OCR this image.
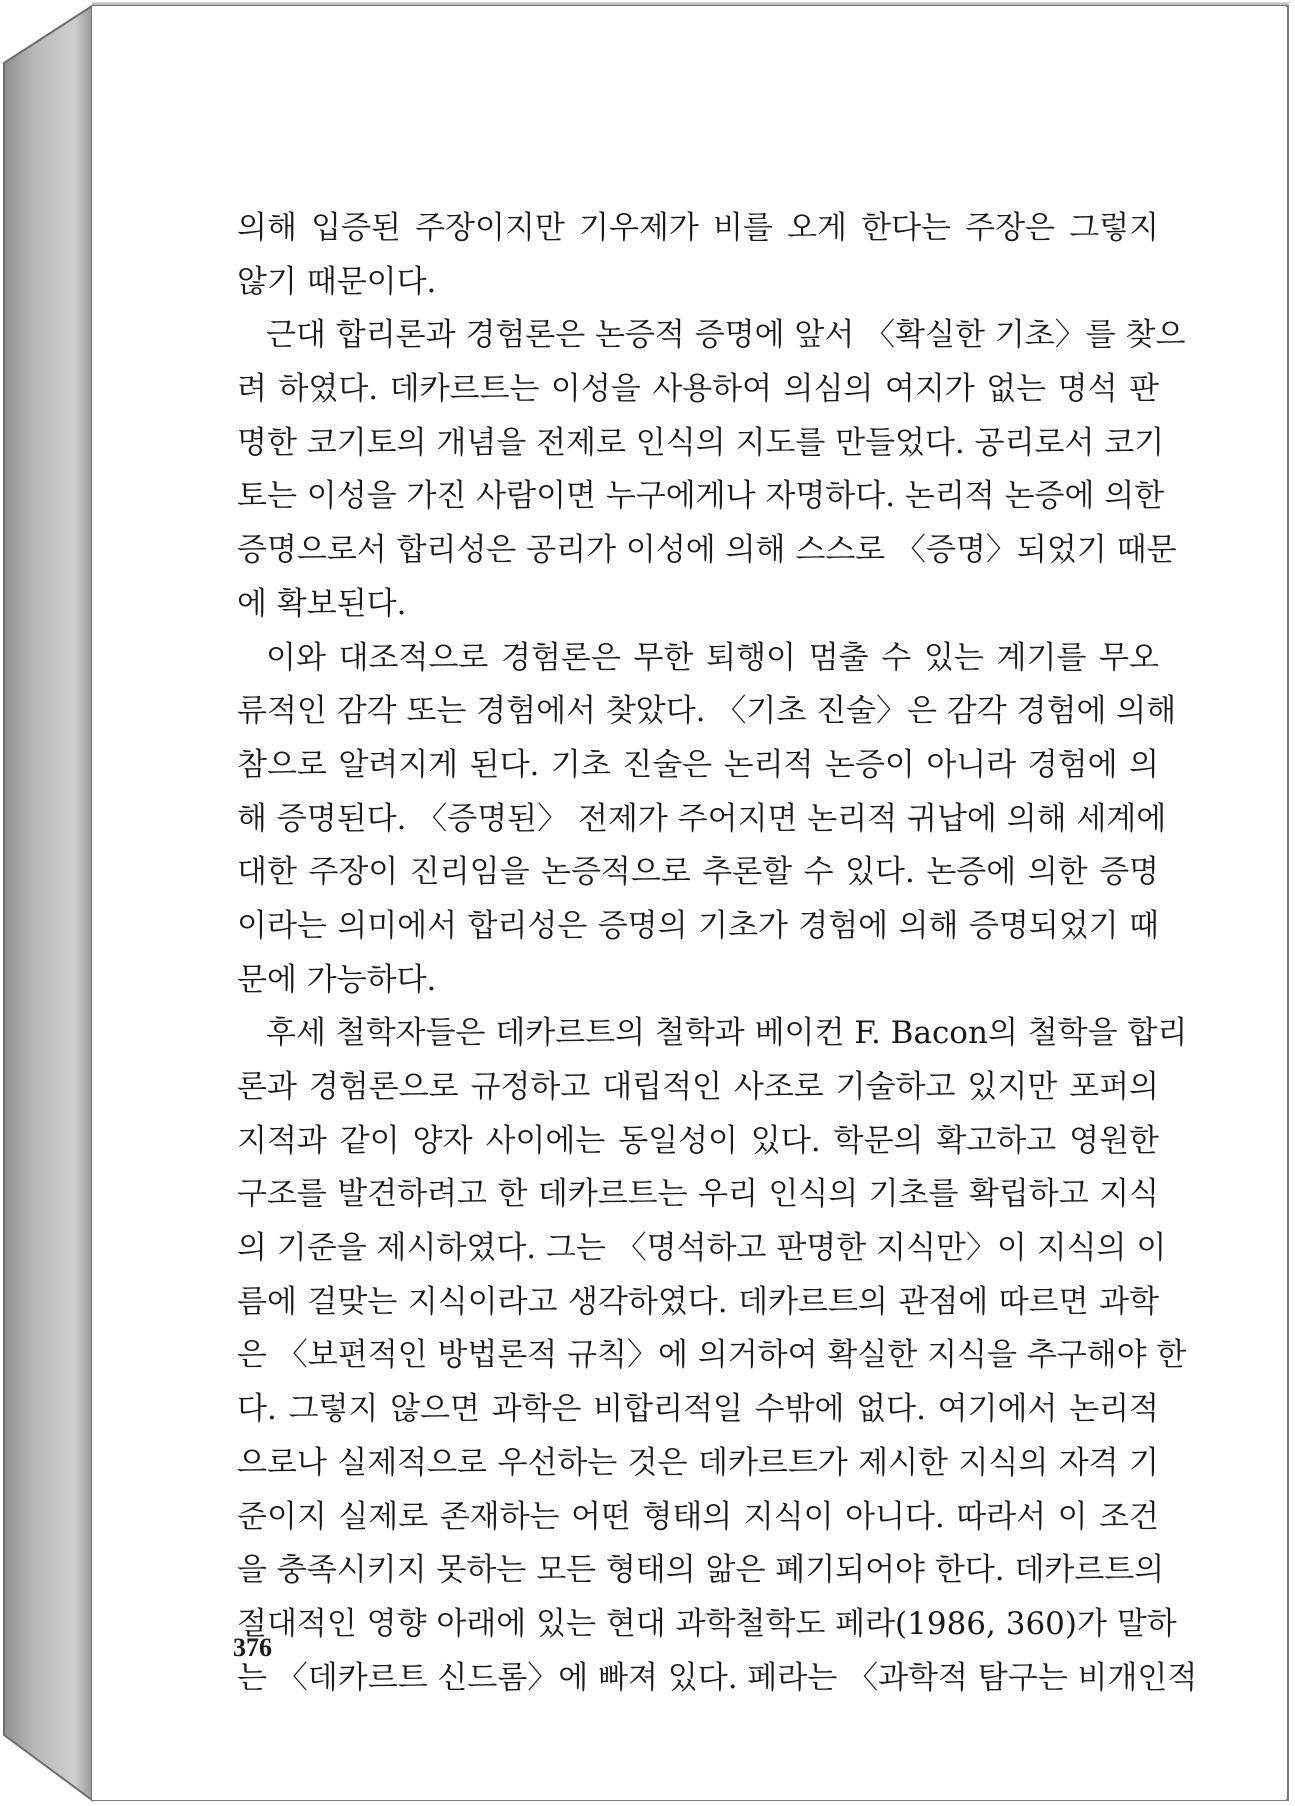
의해 입증된 주장이지만 기우제가 비를 오게 한다는 주장은 그렇지
않기 때문이다.
근대 합리론과 경험론은 논증적 증명에 앞서 〈확실한 기초〉를 찾으
려 하였다. 데카르트는 이성을 사용하여 의심의 여지가 없는 명석 판
명한 코기토의 개념을 전제로 인식의 지도를 만들었다. 공리로서 코기
토는 이성을 가진 사람이면 누구에게나 자명하다. 논리적 논증에 의한
증명으로서 합리성은 공리가 이성에 의해 스스로 〈증명〉되었기 때문
에 확보된다.
이와 대조적으로 경험론은 무한 퇴행이 멈출 수 있는 계기를 무오
류적인 감각 또는 경험에서 찾았다. 〈기초 진술〉은 감각 경험에 의해
참으로 알려지게 된다. 기초 진술은 논리적 논증이 아니라 경험에 의
해 증명된다. 〈증명된〉 전제가 주어지면 논리적 귀납에 의해 세계에
대한 주장이 진리임을 논증적으로 추론할 수 있다. 논증에 의한 증명
이라는 의미에서 합리성은 증명의 기초가 경험에 의해 증명되었기 때
문에 가능하다.
후세 철학자들은 데카르트의 철학과 베이컨 F. Bacon의 철학을 합리
론과 경험론으로 규정하고 대립적인 사조로 기술하고 있지만 포퍼의
지적과 같이 양자 사이에는 동일성이 있다. 학문의 확고하고 영원한
구조를 발견하려고 한 데카르트는 우리 인식의 기초를 확립하고 지식
의 기준을 제시하였다. 그는 〈명석하고 판명한 지식만〉이 지식의 이
름에 걸맞는 지식이라고 생각하였다. 데카르트의 관점에 따르면 과학
은 〈보편적인 방법론적 규칙〉에 의거하여 확실한 지식을 추구해야 한
다. 그렇지 않으면 과학은 비합리적일 수밖에 없다. 여기에서 논리적
으로나 실제적으로 우선하는 것은 데카르트가 제시한 지식의 자격 기
준이지 실제로 존재하는 어떤 형태의 지식이 아니다. 따라서 이 조건
을 충족시키지 못하는 모든 형태의 앎은 폐기되어야 한다. 데카르트의
절대적인 영향 아래에 있는 현대 과학철학도 페라(1986, 360)가 말하
는 〈데카르트 신드롬〉에 빠져 있다. 페라는 〈과학적 탐구는 비개인적
376
